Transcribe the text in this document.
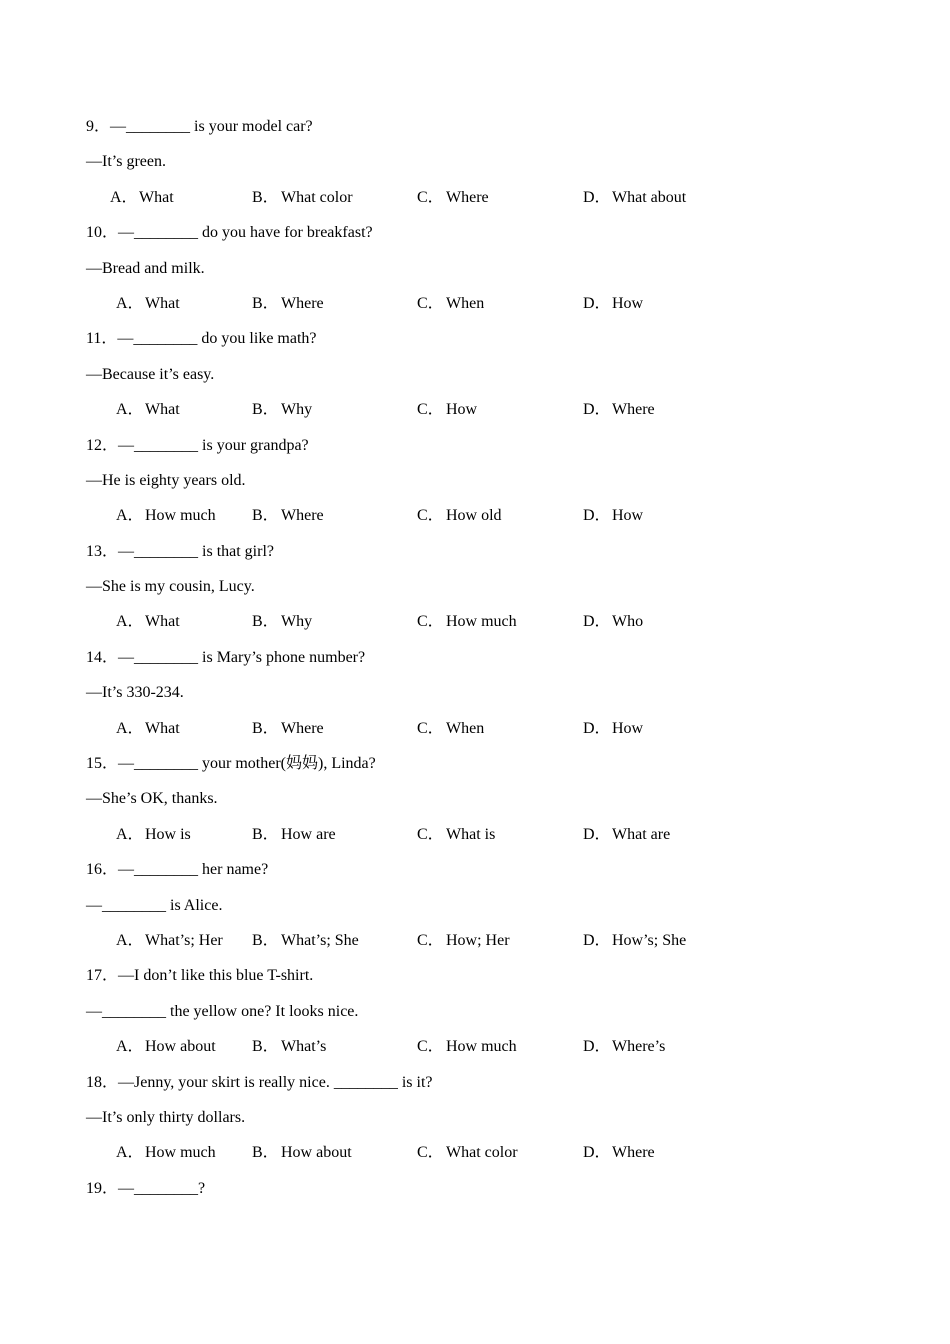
9．—________ is your model car?
—It’s green.
A．What	B． What color	C． Where	D．What about
10．—________ do you have for breakfast?
—Bread and milk.
A．What	B． Where	C． When	D．How
11．—________ do you like math?
—Because it’s easy.
A．What	B． Why	C． How	D．Where
12．—________ is your grandpa?
—He is eighty years old.
A．How much B． Where	C． How old	D．How
13．—________ is that girl?
—She is my cousin, Lucy.
A．What	B． Why	C． How much	D．Who
14．—________ is Mary’s phone number?
—It’s 330-234.
A．What	B． Where	C． When	D．How
15．—________ your mother(妈妈), Linda?
—She’s OK, thanks.
A．How is	B． How are	C． What is	D．What are
16．—________ her name?
—________ is Alice.
A．What’s; Her B． What’s; She	C． How; Her	D．How’s; She
17．—I don’t like this blue T-shirt.
—________ the yellow one? It looks nice.
A．How about B． What’s	C． How much	D．Where’s
18．—Jenny, your skirt is really nice. ________ is it?
—It’s only thirty dollars.
A．How much B． How about	C． What color	D．Where
19．—________?
